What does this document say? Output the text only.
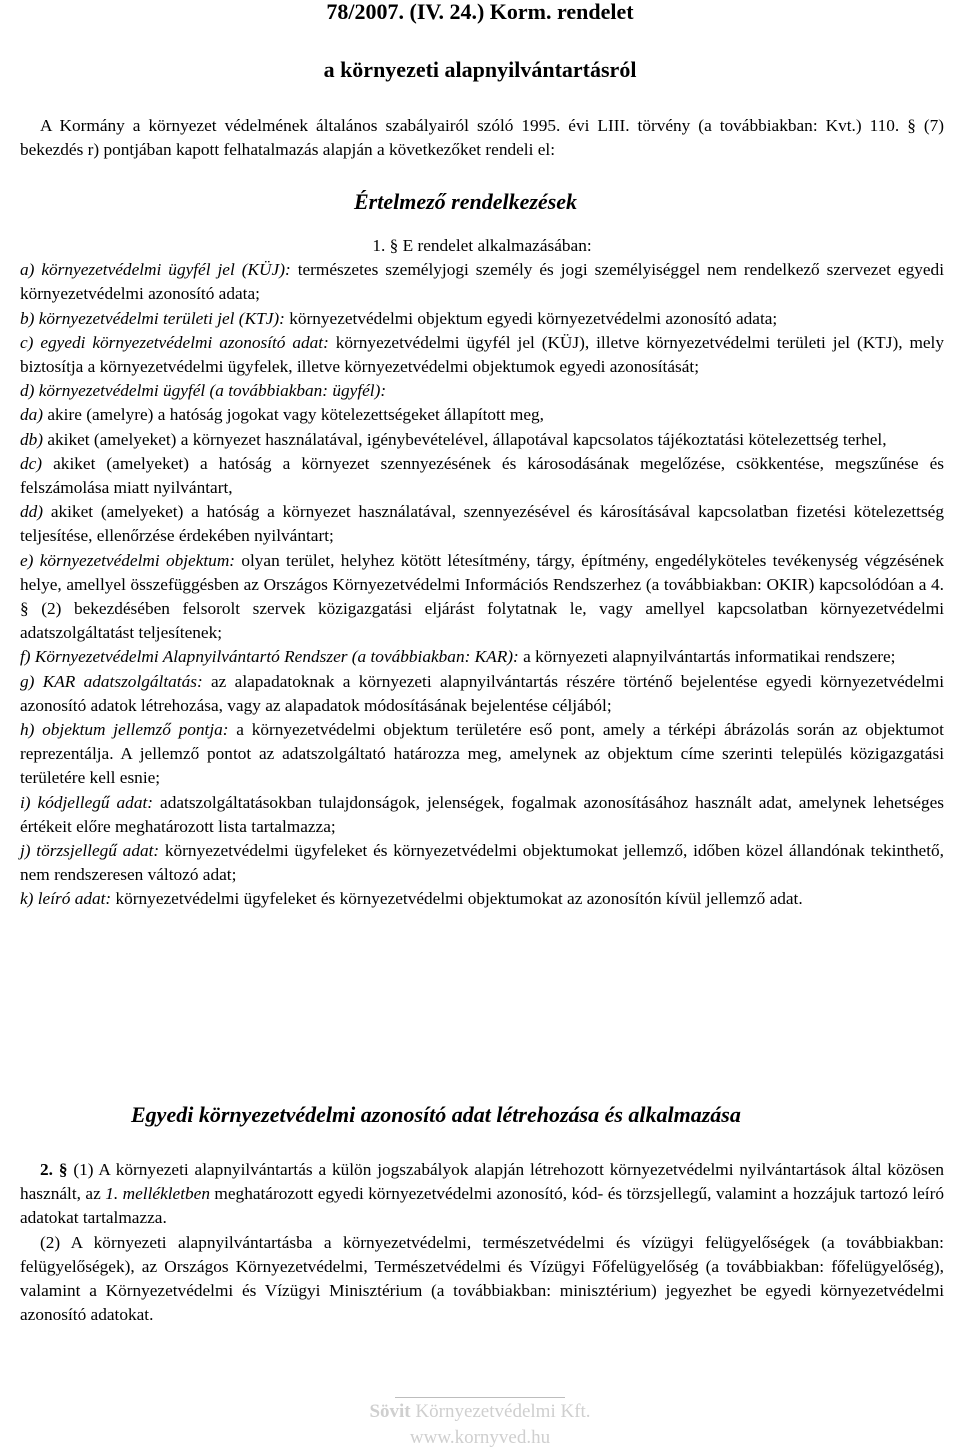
78/2007. (IV. 24.) Korm. rendelet
a környezeti alapnyilvántartásról

A Kormány a környezet védelmének általános szabályairól szóló 1995. évi LIII. törvény (a továbbiakban: Kvt.) 110. § (7) bekezdés r) pontjában kapott felhatalmazás alapján a következőket rendeli el:

Értelmező rendelkezések

1. § E rendelet alkalmazásában:

a) környezetvédelmi ügyfél jel (KÜJ): természetes személyjogi személy és jogi személyiséggel nem rendelkező szervezet egyedi környezetvédelmi azonosító adata;

b) környezetvédelmi területi jel (KTJ): környezetvédelmi objektum egyedi környezetvédelmi azonosító adata;

c) egyedi környezetvédelmi azonosító adat: környezetvédelmi ügyfél jel (KÜJ), illetve környezetvédelmi területi jel (KTJ), mely biztosítja a környezetvédelmi ügyfelek, illetve környezetvédelmi objektumok egyedi azonosítását;

d) környezetvédelmi ügyfél (a továbbiakban: ügyfél):

da) akire (amelyre) a hatóság jogokat vagy kötelezettségeket állapított meg,

db) akiket (amelyeket) a környezet használatával, igénybevételével, állapotával kapcsolatos tájékoztatási kötelezettség terhel,

dc) akiket (amelyeket) a hatóság a környezet szennyezésének és károsodásának megelőzése, csökkentése, megszűnése és felszámolása miatt nyilvántart,

dd) akiket (amelyeket) a hatóság a környezet használatával, szennyezésével és károsításával kapcsolatban fizetési kötelezettség teljesítése, ellenőrzése érdekében nyilvántart;

e) környezetvédelmi objektum: olyan terület, helyhez kötött létesítmény, tárgy, építmény, engedélyköteles tevékenység végzésének helye, amellyel összefüggésben az Országos Környezetvédelmi Információs Rendszerhez (a továbbiakban: OKIR) kapcsolódóan a 4. § (2) bekezdésében felsorolt szervek közigazgatási eljárást folytatnak le, vagy amellyel kapcsolatban környezetvédelmi adatszolgáltatást teljesítenek;

f) Környezetvédelmi Alapnyilvántartó Rendszer (a továbbiakban: KAR): a környezeti alapnyilvántartás informatikai rendszere;

g) KAR adatszolgáltatás: az alapadatoknak a környezeti alapnyilvántartás részére történő bejelentése egyedi környezetvédelmi azonosító adatok létrehozása, vagy az alapadatok módosításának bejelentése céljából;

h) objektum jellemző pontja: a környezetvédelmi objektum területére eső pont, amely a térképi ábrázolás során az objektumot reprezentálja. A jellemző pontot az adatszolgáltató határozza meg, amelynek az objektum címe szerinti település közigazgatási területére kell esnie;

i) kódjellegű adat: adatszolgáltatásokban tulajdonságok, jelenségek, fogalmak azonosításához használt adat, amelynek lehetséges értékeit előre meghatározott lista tartalmazza;

j) törzsjellegű adat: környezetvédelmi ügyfeleket és környezetvédelmi objektumokat jellemző, időben közel állandónak tekinthető, nem rendszeresen változó adat;

k) leíró adat: környezetvédelmi ügyfeleket és környezetvédelmi objektumokat az azonosítón kívül jellemző adat.

Egyedi környezetvédelmi azonosító adat létrehozása és alkalmazása

2. § (1) A környezeti alapnyilvántartás a külön jogszabályok alapján létrehozott környezetvédelmi nyilvántartások által közösen használt, az 1. mellékletben meghatározott egyedi környezetvédelmi azonosító, kód- és törzsjellegű, valamint a hozzájuk tartozó leíró adatokat tartalmazza.

(2) A környezeti alapnyilvántartásba a környezetvédelmi, természetvédelmi és vízügyi felügyelőségek (a továbbiakban: felügyelőségek), az Országos Környezetvédelmi, Természetvédelmi és Vízügyi Főfelügyelőség (a továbbiakban: főfelügyelőség), valamint a Környezetvédelmi és Vízügyi Minisztérium (a továbbiakban: minisztérium) jegyezhet be egyedi környezetvédelmi azonosító adatokat.

Sövit Környezetvédelmi Kft.
www.kornyved.hu
